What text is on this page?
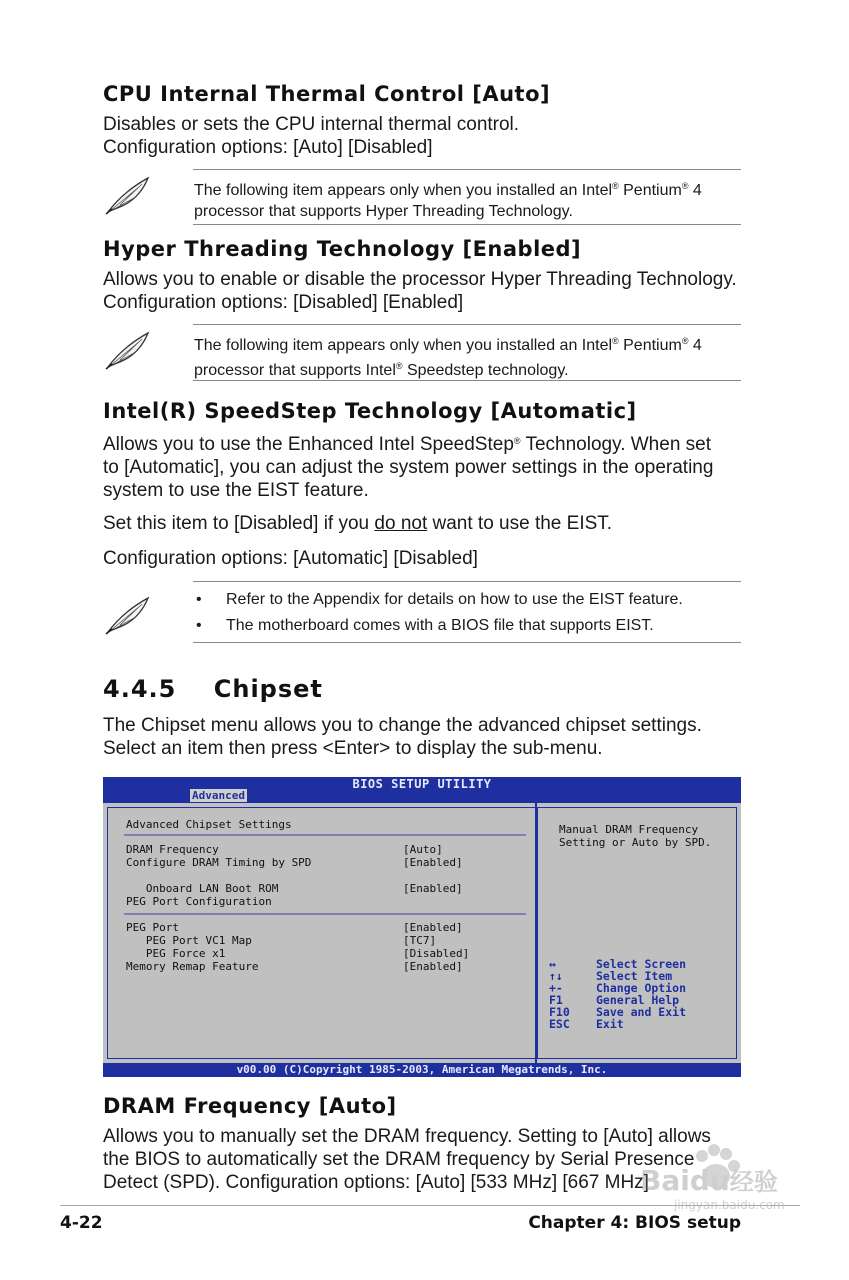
CPU Internal Thermal Control [Auto]
Disables or sets the CPU internal thermal control.
Configuration options: [Auto] [Disabled]
The following item appears only when you installed an Intel® Pentium® 4
processor that supports Hyper Threading Technology.
Hyper Threading Technology [Enabled]
Allows you to enable or disable the processor Hyper Threading Technology.
Configuration options: [Disabled] [Enabled]
The following item appears only when you installed an Intel® Pentium® 4
processor that supports Intel® Speedstep technology.
Intel(R) SpeedStep Technology [Automatic]
Allows you to use the Enhanced Intel SpeedStep® Technology. When set
to [Automatic], you can adjust the system power settings in the operating
system to use the EIST feature.
Set this item to [Disabled] if you do not want to use the EIST.
Configuration options: [Automatic] [Disabled]
• Refer to the Appendix for details on how to use the EIST feature.
• The motherboard comes with a BIOS file that supports EIST.
4.4.5    Chipset
The Chipset menu allows you to change the advanced chipset settings.
Select an item then press <Enter> to display the sub-menu.
BIOS SETUP UTILITY
Advanced
Advanced Chipset Settings
DRAM Frequency	[Auto]
Configure DRAM Timing by SPD	[Enabled]
Onboard LAN Boot ROM	[Enabled]
PEG Port Configuration
PEG Port	[Enabled]
PEG Port VC1 Map	[TC7]
PEG Force x1	[Disabled]
Memory Remap Feature	[Enabled]
Manual DRAM Frequency
Setting or Auto by SPD.
↔	Select Screen
↑↓	Select Item
+-	Change Option
F1	General Help
F10 Save and Exit
ESC Exit
v00.00 (C)Copyright 1985-2003, American Megatrends, Inc.
DRAM Frequency [Auto]
Allows you to manually set the DRAM frequency. Setting to [Auto] allows
the BIOS to automatically set the DRAM frequency by Serial Presence
Detect (SPD). Configuration options: [Auto] [533 MHz] [667 MHz]
Baidu经验
jingyan.baidu.com
4-22	Chapter 4: BIOS setup
